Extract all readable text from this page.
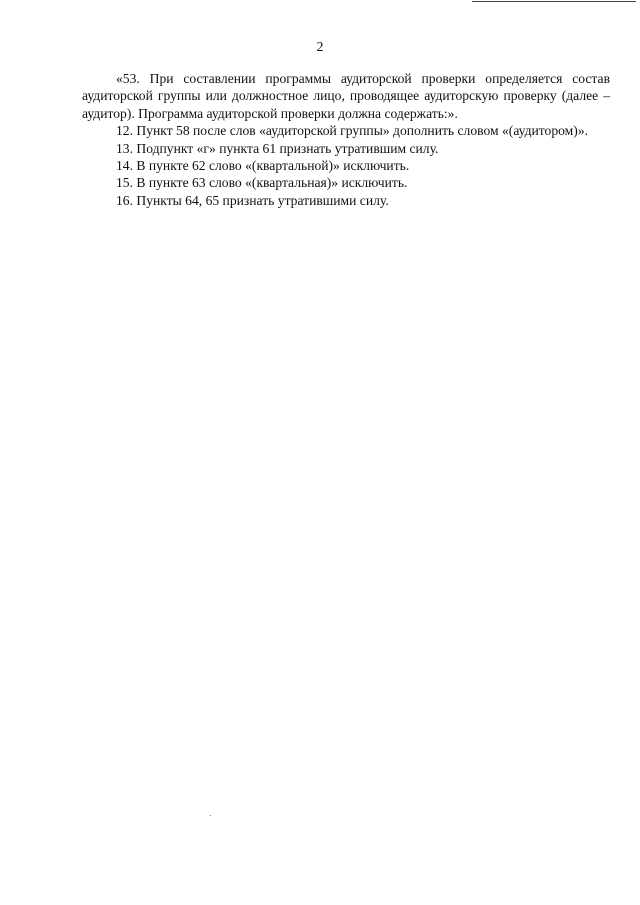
2

«53. При составлении программы аудиторской проверки определяется состав аудиторской группы или должностное лицо, проводящее аудиторскую проверку (далее – аудитор). Программа аудиторской проверки должна содержать:».

12. Пункт 58 после слов «аудиторской группы» дополнить словом «(аудитором)».

13. Подпункт «г» пункта 61 признать утратившим силу.

14. В пункте 62 слово «(квартальной)» исключить.

15. В пункте 63 слово «(квартальная)» исключить.

16. Пункты 64, 65 признать утратившими силу.
